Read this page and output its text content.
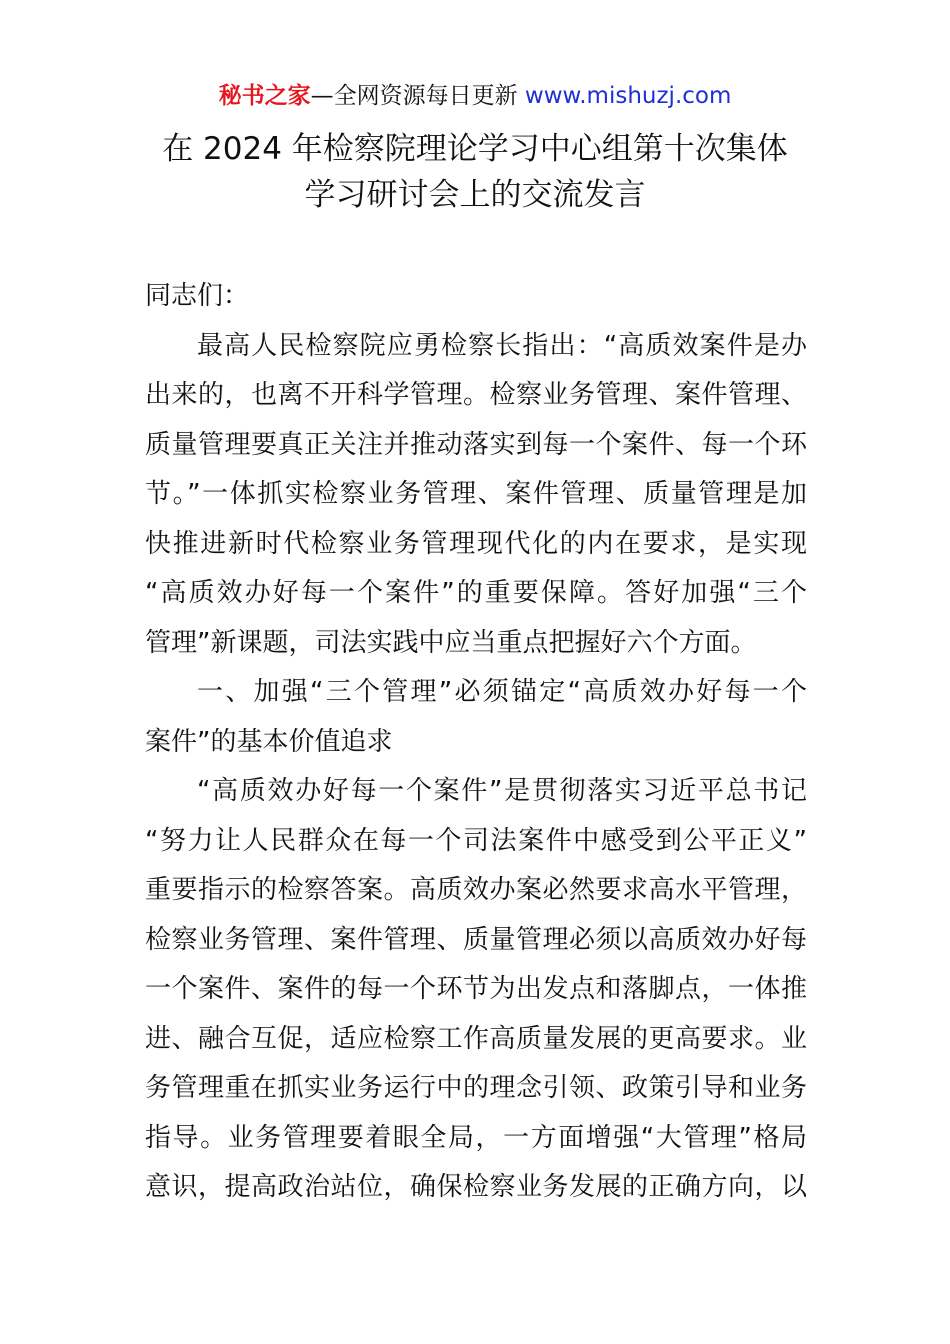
秘书之家—全网资源每日更新 www.mishuzj.com
在 2024 年检察院理论学习中心组第十次集体
学习研讨会上的交流发言
同志们：
最高人民检察院应勇检察长指出：“高质效案件是办
出来的，也离不开科学管理。检察业务管理、案件管理、
质量管理要真正关注并推动落实到每一个案件、每一个环
节。”一体抓实检察业务管理、案件管理、质量管理是加
快推进新时代检察业务管理现代化的内在要求，是实现
“高质效办好每一个案件”的重要保障。答好加强“三个
管理”新课题，司法实践中应当重点把握好六个方面。
一、加强“三个管理”必须锚定“高质效办好每一个
案件”的基本价值追求
“高质效办好每一个案件”是贯彻落实习近平总书记
“努力让人民群众在每一个司法案件中感受到公平正义”
重要指示的检察答案。高质效办案必然要求高水平管理，
检察业务管理、案件管理、质量管理必须以高质效办好每
一个案件、案件的每一个环节为出发点和落脚点，一体推
进、融合互促，适应检察工作高质量发展的更高要求。业
务管理重在抓实业务运行中的理念引领、政策引导和业务
指导。业务管理要着眼全局，一方面增强“大管理”格局
意识，提高政治站位，确保检察业务发展的正确方向，以
